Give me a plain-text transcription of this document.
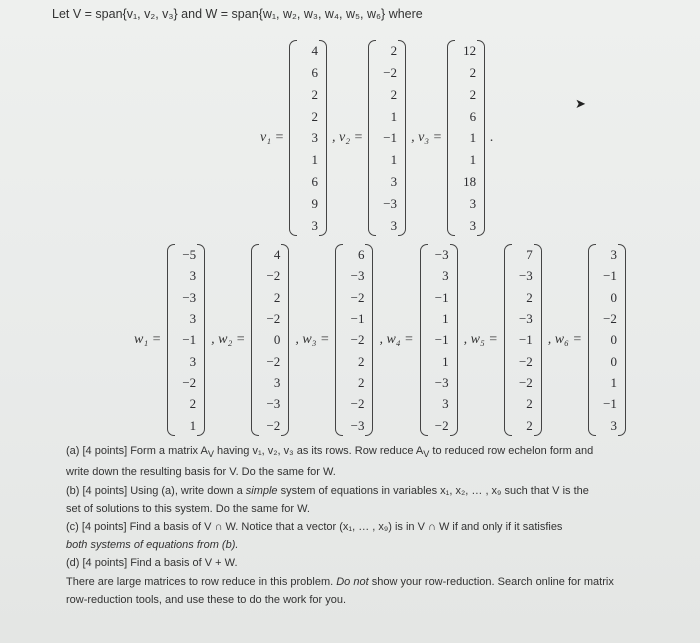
Let V = span{v₁, v₂, v₃} and W = span{w₁, w₂, w₃, w₄, w₅, w₆} where
v₁ =
4
6
2
2
3
1
6
9
3
, v₂ =
2
−2
2
1
−1
1
3
−3
3
, v₃ =
12
2
2
6
1
1
18
3
3
.
w₁ =
−5
3
−3
3
−1
3
−2
2
1
, w₂ =
4
−2
2
−2
0
−2
3
−3
−2
, w₃ =
6
−3
−2
−1
−2
2
2
−2
−3
, w₄ =
−3
3
−1
1
−1
1
−3
3
−2
, w₅ =
7
−3
2
−3
−1
−2
−2
2
2
, w₆ =
3
−1
0
−2
0
0
1
−1
3
➤

(a) [4 points] Form a matrix $A_V$ having v₁, v₂, v₃ as its rows. Row reduce $A_V$ to reduced row echelon form and
write down the resulting basis for V. Do the same for W.

(b) [4 points] Using (a), write down a simple system of equations in variables x₁, x₂, … , x₉ such that V is the
set of solutions to this system. Do the same for W.

(c) [4 points] Find a basis of V ∩ W. Notice that a vector (x₁, … , x₉) is in V ∩ W if and only if it satisfies
both systems of equations from (b).

(d) [4 points] Find a basis of V + W.

There are large matrices to row reduce in this problem. Do not show your row-reduction. Search online for matrix
row-reduction tools, and use these to do the work for you.
